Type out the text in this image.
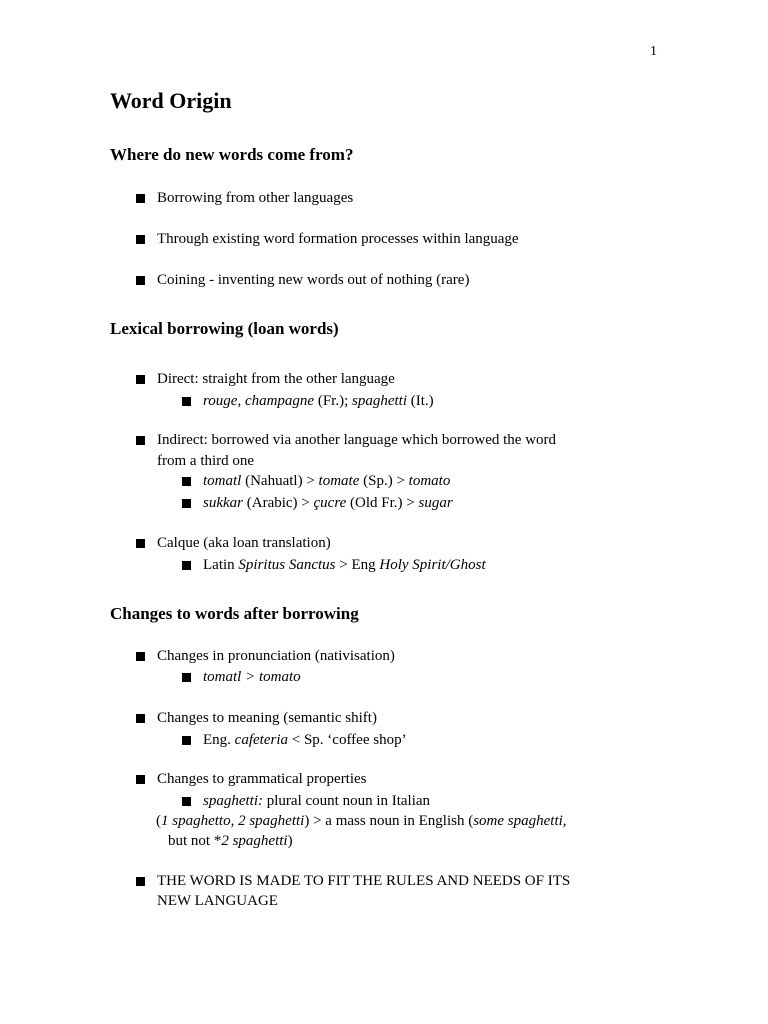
1
Word Origin
Where do new words come from?
Borrowing from other languages
Through existing word formation processes within language
Coining - inventing new words out of nothing (rare)
Lexical borrowing (loan words)
Direct: straight from the other language
rouge, champagne (Fr.); spaghetti (It.)
Indirect: borrowed via another language which borrowed the word
from a third one
tomatl (Nahuatl) > tomate (Sp.) > tomato
sukkar (Arabic) > çucre (Old Fr.) > sugar
Calque (aka loan translation)
Latin Spiritus Sanctus > Eng Holy Spirit/Ghost
Changes to words after borrowing
Changes in pronunciation (nativisation)
tomatl > tomato
Changes to meaning (semantic shift)
Eng. cafeteria < Sp. ‘coffee shop’
Changes to grammatical properties
spaghetti: plural count noun in Italian
(1 spaghetto, 2 spaghetti) > a mass noun in English (some spaghetti,
but not *2 spaghetti)
THE WORD IS MADE TO FIT THE RULES AND NEEDS OF ITS
NEW LANGUAGE
